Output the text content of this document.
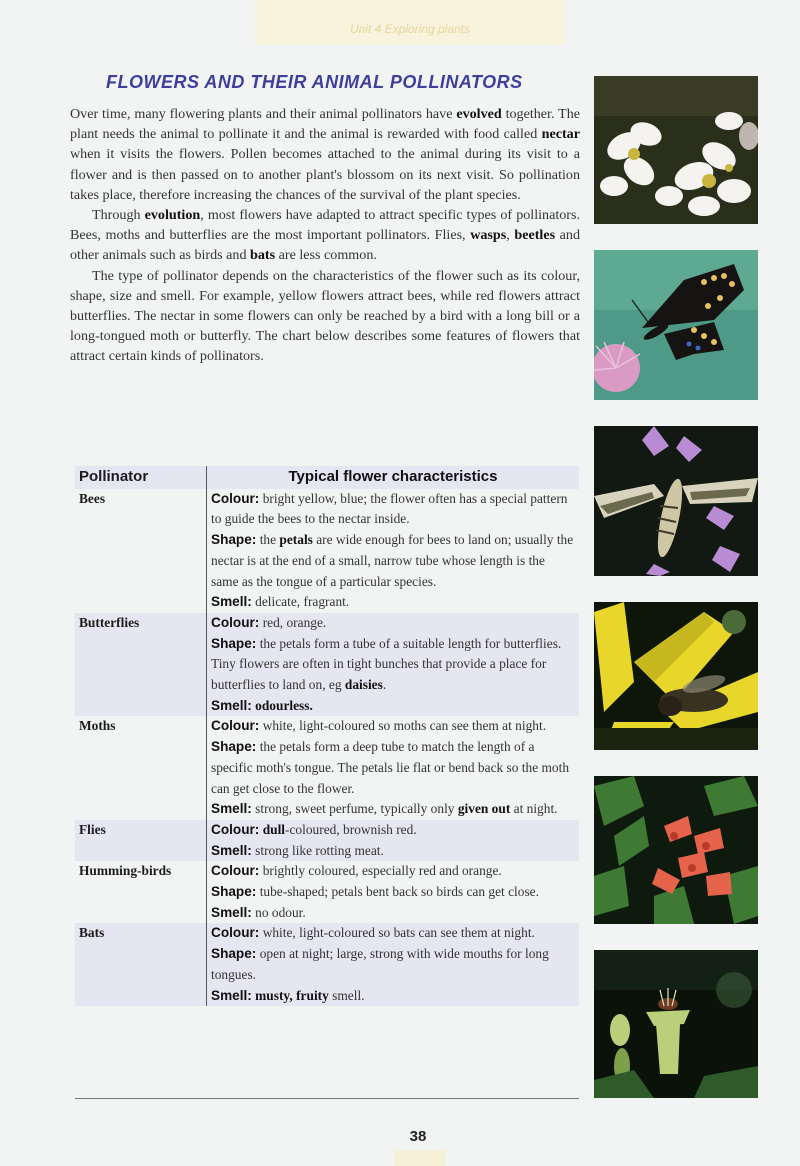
Unit 4 Exploring plants
FLOWERS AND THEIR ANIMAL POLLINATORS

Over time, many flowering plants and their animal pollinators have evolved together. The plant needs the animal to pollinate it and the animal is rewarded with food called nectar when it visits the flowers. Pollen becomes attached to the animal during its visit to a flower and is then passed on to another plant's blossom on its next visit. So pollination takes place, therefore increasing the chances of the survival of the plant species.

Through evolution, most flowers have adapted to attract specific types of pollinators. Bees, moths and butterflies are the most important pollinators. Flies, wasps, beetles and other animals such as birds and bats are less common.

The type of pollinator depends on the characteristics of the flower such as its colour, shape, size and smell. For example, yellow flowers attract bees, while red flowers attract butterflies. The nectar in some flowers can only be reached by a bird with a long bill or a long-tongued moth or butterfly. The chart below describes some features of flowers that attract certain kinds of pollinators.

Pollinator	Typical flower characteristics
Bees	Colour: bright yellow, blue; the flower often has a special pattern to guide the bees to the nectar inside.
Shape: the petals are wide enough for bees to land on; usually the nectar is at the end of a small, narrow tube whose length is the same as the tongue of a particular species.
Smell: delicate, fragrant.

Butterflies	Colour: red, orange.
Shape: the petals form a tube of a suitable length for butterflies. Tiny flowers are often in tight bunches that provide a place for butterflies to land on, eg daisies.
Smell: odourless.

Moths	Colour: white, light-coloured so moths can see them at night.
Shape: the petals form a deep tube to match the length of a specific moth's tongue. The petals lie flat or bend back so the moth can get close to the flower.
Smell: strong, sweet perfume, typically only given out at night.

Flies	Colour: dull-coloured, brownish red.
Smell: strong like rotting meat.

Humming-birds	Colour: brightly coloured, especially red and orange.
Shape: tube-shaped; petals bent back so birds can get close.
Smell: no odour.

Bats	Colour: white, light-coloured so bats can see them at night.
Shape: open at night; large, strong with wide mouths for long tongues.
Smell: musty, fruity smell.
38
